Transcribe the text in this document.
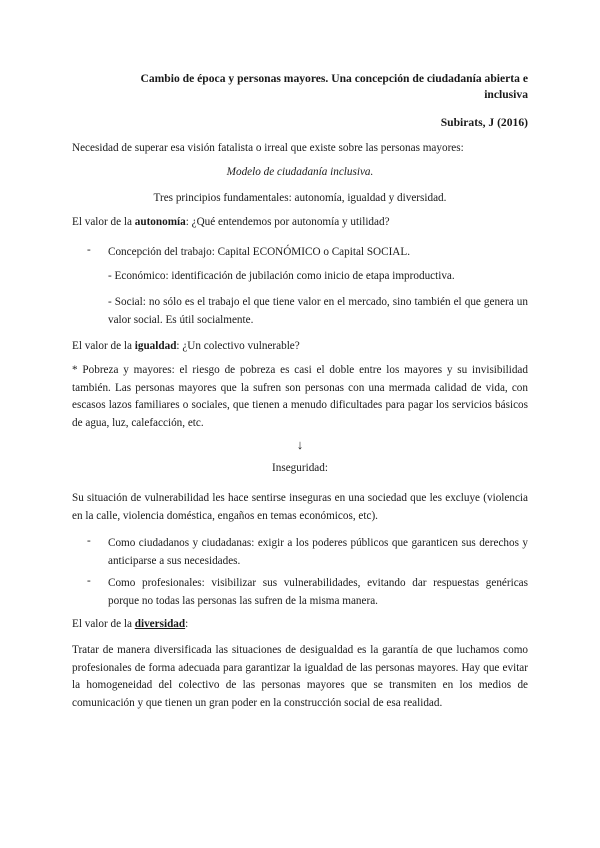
Cambio de época y personas mayores. Una concepción de ciudadanía abierta e inclusiva
Subirats, J (2016)
Necesidad de superar esa visión fatalista o irreal que existe sobre las personas mayores:
Modelo de ciudadanía inclusiva.
Tres principios fundamentales: autonomía, igualdad y diversidad.
El valor de la autonomía: ¿Qué entendemos por autonomía y utilidad?
- Concepción del trabajo: Capital ECONÓMICO o Capital SOCIAL.
- Económico: identificación de jubilación como inicio de etapa improductiva.
- Social: no sólo es el trabajo el que tiene valor en el mercado, sino también el que genera un valor social. Es útil socialmente.
El valor de la igualdad: ¿Un colectivo vulnerable?
* Pobreza y mayores: el riesgo de pobreza es casi el doble entre los mayores y su invisibilidad también. Las personas mayores que la sufren son personas con una mermada calidad de vida, con escasos lazos familiares o sociales, que tienen a menudo dificultades para pagar los servicios básicos de agua, luz, calefacción, etc.
↓
Inseguridad:
Su situación de vulnerabilidad les hace sentirse inseguras en una sociedad que les excluye (violencia en la calle, violencia doméstica, engaños en temas económicos, etc).
- Como ciudadanos y ciudadanas: exigir a los poderes públicos que garanticen sus derechos y anticiparse a sus necesidades.
- Como profesionales: visibilizar sus vulnerabilidades, evitando dar respuestas genéricas porque no todas las personas las sufren de la misma manera.
El valor de la diversidad:
Tratar de manera diversificada las situaciones de desigualdad es la garantía de que luchamos como profesionales de forma adecuada para garantizar la igualdad de las personas mayores. Hay que evitar la homogeneidad del colectivo de las personas mayores que se transmiten en los medios de comunicación y que tienen un gran poder en la construcción social de esa realidad.
